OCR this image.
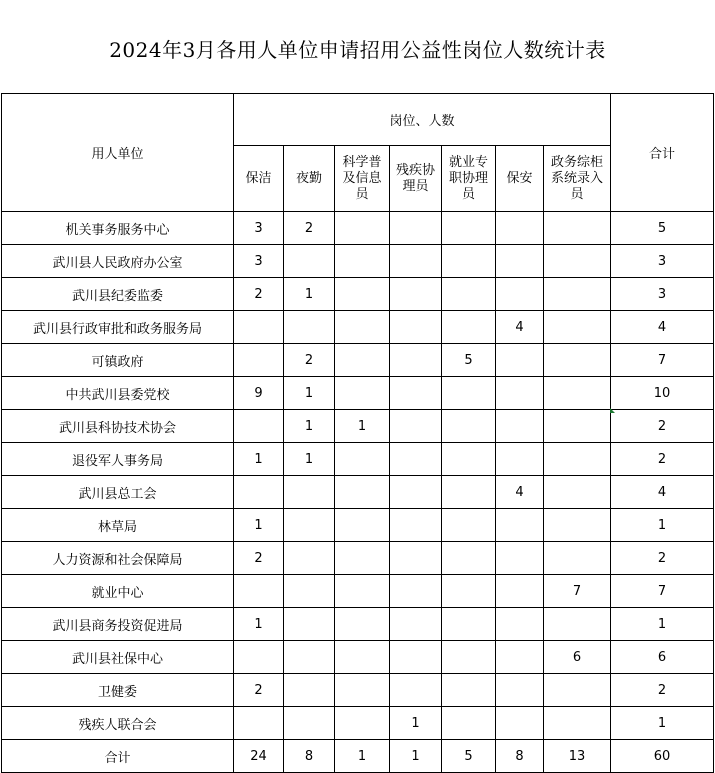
2024年3月各用人单位申请招用公益性岗位人数统计表
用人单位	岗位、人数							合计
	保洁	夜勤	科学普
及信息
员	残疾协
理员	就业专
职协理
员	保安	政务综柜
系统录入
员	
机关事务服务中心	3	2						5
武川县人民政府办公室	3							3
武川县纪委监委	2	1						3
武川县行政审批和政务服务局						4		4
可镇政府		2			5			7
中共武川县委党校	9	1						10
武川县科协技术协会		1	1					2
退役军人事务局	1	1						2
武川县总工会						4		4
林草局	1							1
人力资源和社会保障局	2							2
就业中心							7	7
武川县商务投资促进局	1							1
武川县社保中心							6	6
卫健委	2							2
残疾人联合会				1				1
合计	24	8	1	1	5	8	13	60
